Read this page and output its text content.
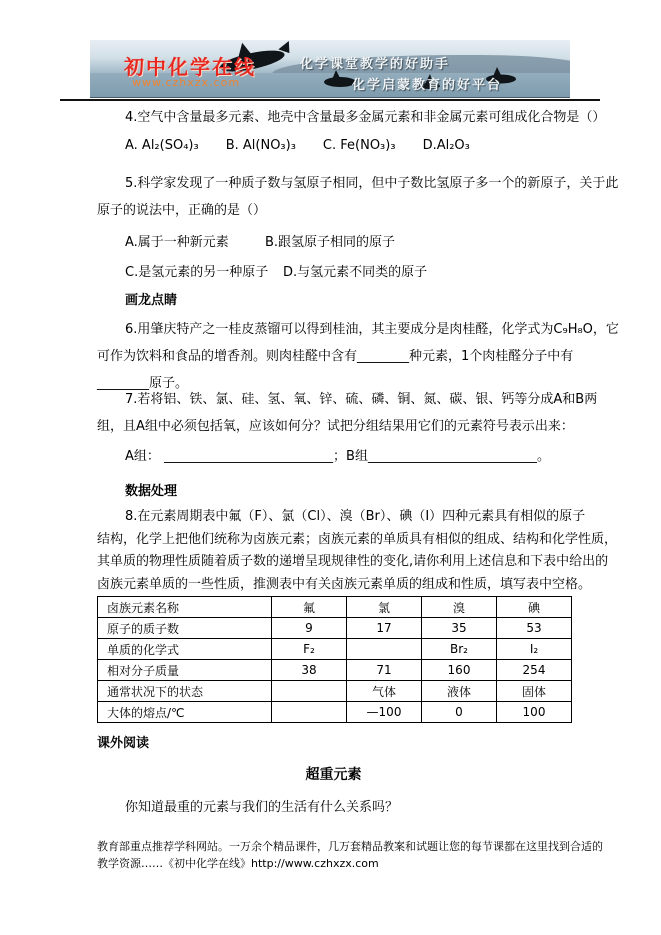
初中化学在线
www.czhxzx.com
化学课堂教学的好助手
化学启蒙教育的好平台
4.空气中含量最多元素、地壳中含量最多金属元素和非金属元素可组成化合物是（）
A. Al₂(SO₄)₃ B. Al(NO₃)₃ C. Fe(NO₃)₃ D.Al₂O₃
5.科学家发现了一种质子数与氢原子相同，但中子数比氢原子多一个的新原子，关于此
原子的说法中，正确的是（）
A.属于一种新元素	B.跟氢原子相同的原子
C.是氢元素的另一种原子 D.与氢元素不同类的原子
画龙点睛
6.用肇庆特产之一桂皮蒸镏可以得到桂油，其主要成分是肉桂醛，化学式为C₉H₈O，它
可作为饮料和食品的增香剂。则肉桂醛中含有________种元素，1个肉桂醛分子中有
________原子。
7.若将铝、铁、氯、硅、氢、氧、锌、硫、磷、铜、氮、碳、银、钙等分成A和B两
组，且A组中必须包括氧，应该如何分？试把分组结果用它们的元素符号表示出来：
A组： __________________________；B组__________________________。
数据处理
8.在元素周期表中氟（F）、氯（Cl）、溴（Br）、碘（I）四种元素具有相似的原子
结构，化学上把他们统称为卤族元素；卤族元素的单质具有相似的组成、结构和化学性质，
其单质的物理性质随着质子数的递增呈现规律性的变化,请你利用上述信息和下表中给出的
卤族元素单质的一些性质，推测表中有关卤族元素单质的组成和性质，填写表中空格。
卤族元素名称	氟	氯	溴	碘
原子的质子数	9	17	35	53
单质的化学式	F₂		Br₂	I₂
相对分子质量	38	71	160	254
通常状况下的状态		气体	液体	固体
大体的熔点/℃		—100	0	100
课外阅读
超重元素
你知道最重的元素与我们的生活有什么关系吗？
教育部重点推荐学科网站。一万余个精品课件，几万套精品教案和试题让您的每节课都在这里找到合适的
教学资源……《初中化学在线》http://www.czhxzx.com
